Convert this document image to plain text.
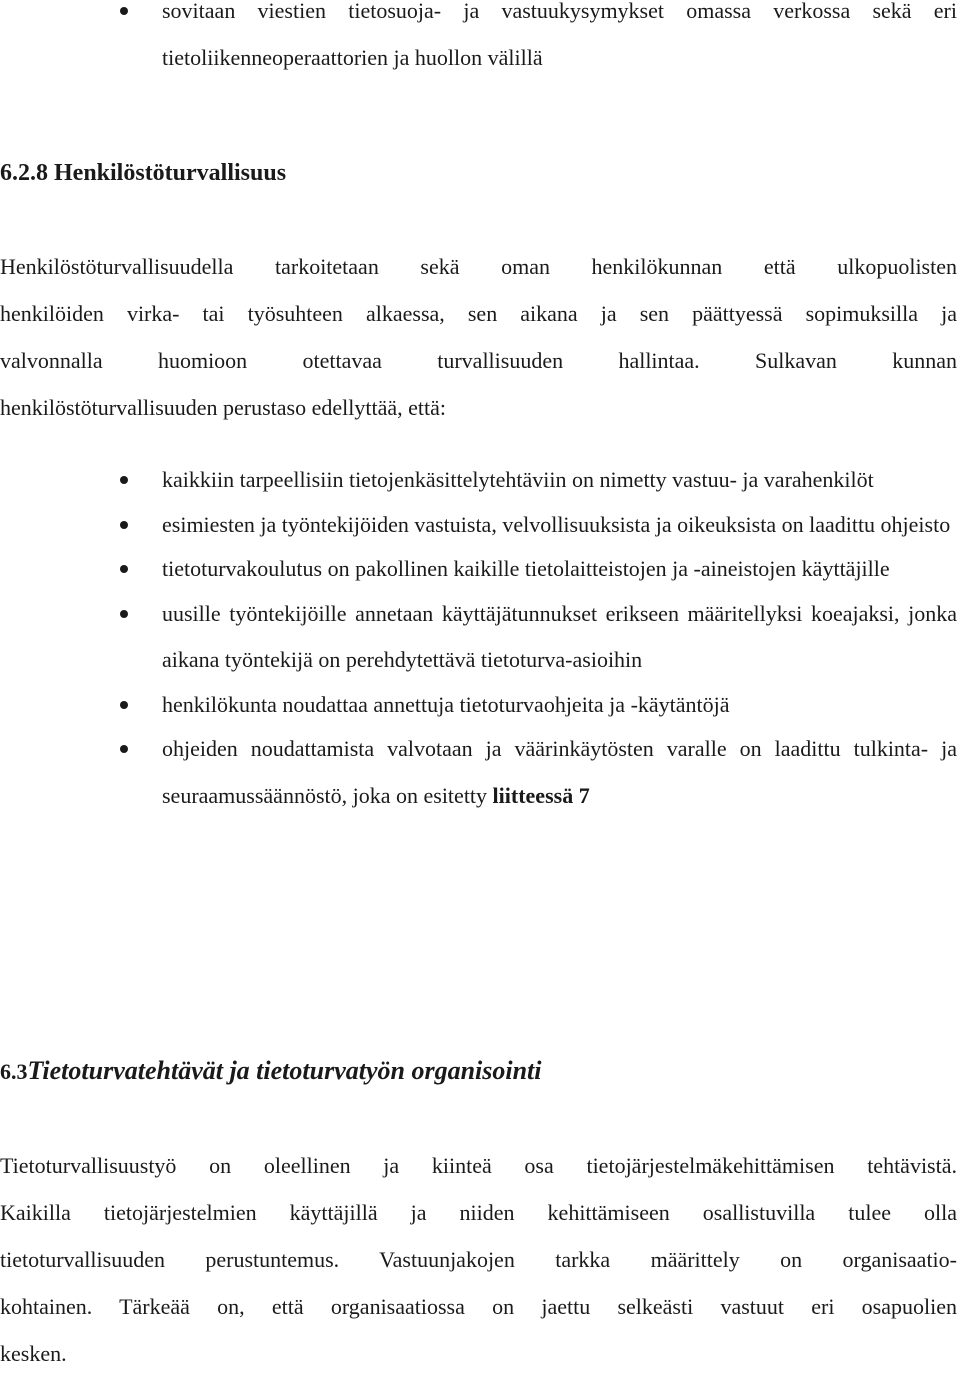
sovitaan viestien tietosuoja- ja vastuukysymykset omassa verkossa sekä eri tietoliikenneoperaattorien ja huollon välillä
6.2.8 Henkilöstöturvallisuus
Henkilöstöturvallisuudella tarkoitetaan sekä oman henkilökunnan että ulkopuolisten
henkilöiden virka- tai työsuhteen alkaessa, sen aikana ja sen päättyessä sopimuksilla ja
valvonnalla huomioon otettavaa turvallisuuden hallintaa. Sulkavan kunnan
henkilöstöturvallisuuden perustaso edellyttää, että:
kaikkiin tarpeellisiin tietojenkäsittelytehtäviin on nimetty vastuu- ja varahenkilöt
esimiesten ja työntekijöiden vastuista, velvollisuuksista ja oikeuksista on laadittu ohjeisto
tietoturvakoulutus on pakollinen kaikille tietolaitteistojen ja -aineistojen käyttäjille
uusille työntekijöille annetaan käyttäjätunnukset erikseen määritellyksi koeajaksi, jonka aikana työntekijä on perehdytettävä tietoturva-asioihin
henkilökunta noudattaa annettuja tietoturvaohjeita ja -käytäntöjä
ohjeiden noudattamista valvotaan ja väärinkäytösten varalle on laadittu tulkinta- ja seuraamussäännöstö, joka on esitetty liitteessä 7
6.3Tietoturvatehtävät ja tietoturvatyön organisointi
Tietoturvallisuustyö on oleellinen ja kiinteä osa tietojärjestelmäkehittämisen tehtävistä.
Kaikilla tietojärjestelmien käyttäjillä ja niiden kehittämiseen osallistuvilla tulee olla
tietoturvallisuuden perustuntemus. Vastuunjakojen tarkka määrittely on organisaatio-
kohtainen. Tärkeää on, että organisaatiossa on jaettu selkeästi vastuut eri osapuolien
kesken.
